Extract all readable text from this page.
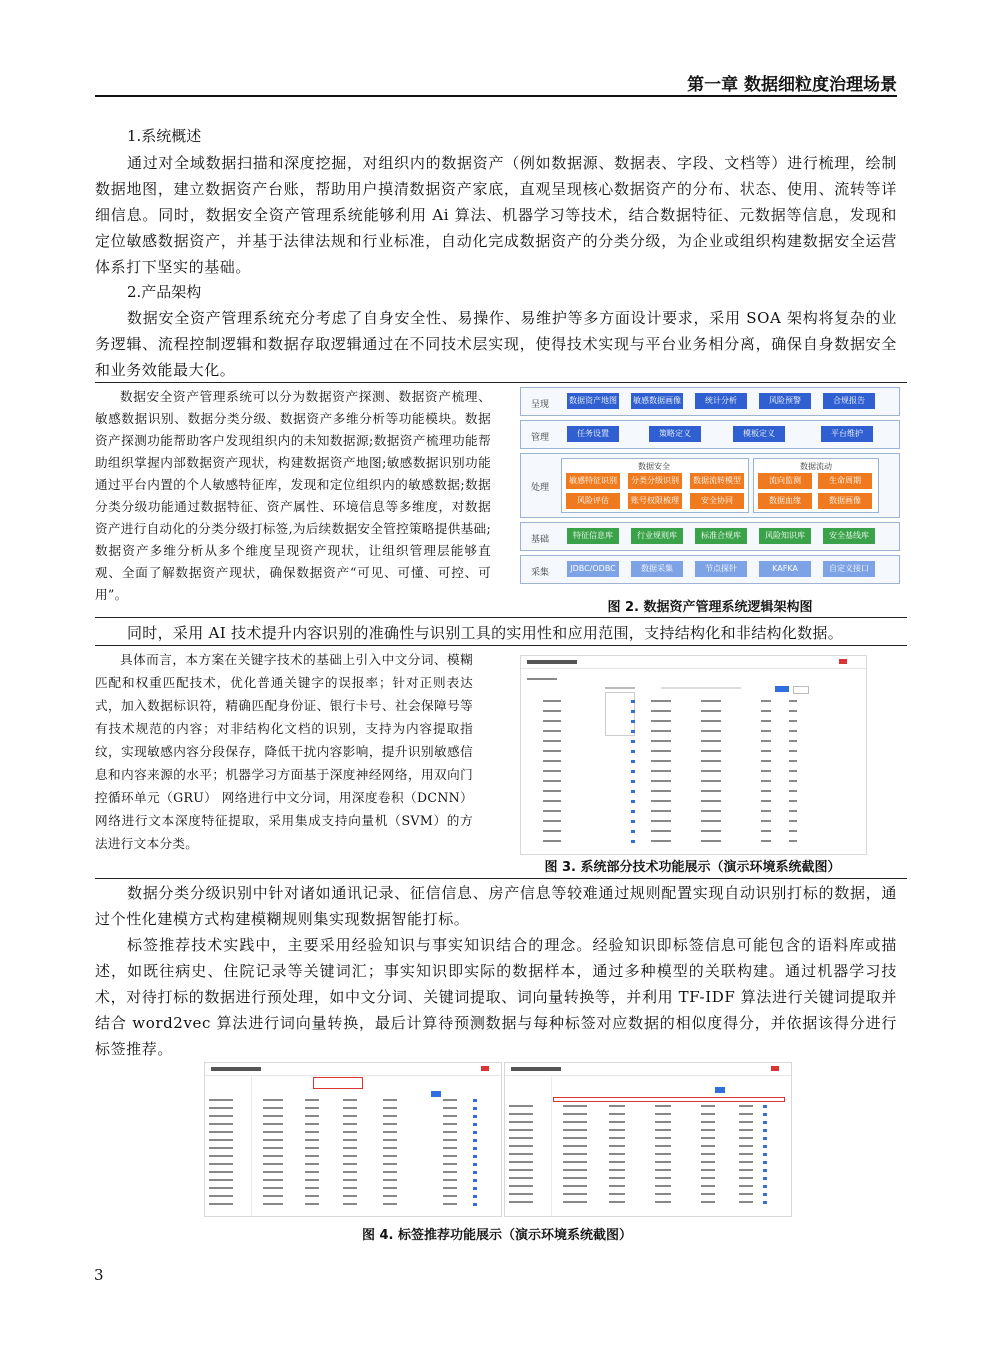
第一章 数据细粒度治理场景
1.系统概述

通过对全域数据扫描和深度挖掘，对组织内的数据资产（例如数据源、数据表、字段、文档等）进行梳理，绘制数据地图，建立数据资产台账，帮助用户摸清数据资产家底，直观呈现核心数据资产的分布、状态、使用、流转等详细信息。同时，数据安全资产管理系统能够利用 Ai 算法、机器学习等技术，结合数据特征、元数据等信息，发现和定位敏感数据资产，并基于法律法规和行业标准，自动化完成数据资产的分类分级，为企业或组织构建数据安全运营体系打下坚实的基础。

2.产品架构

数据安全资产管理系统充分考虑了自身安全性、易操作、易维护等多方面设计要求，采用 SOA 架构将复杂的业务逻辑、流程控制逻辑和数据存取逻辑通过在不同技术层实现，使得技术实现与平台业务相分离，确保自身数据安全和业务效能最大化。

数据安全资产管理系统可以分为数据资产探测、数据资产梳理、敏感数据识别、数据分类分级、数据资产多维分析等功能模块。数据资产探测功能帮助客户发现组织内的未知数据源;数据资产梳理功能帮助组织掌握内部数据资产现状，构建数据资产地图;敏感数据识别功能通过平台内置的个人敏感特征库，发现和定位组织内的敏感数据;数据分类分级功能通过数据特征、资产属性、环境信息等多维度，对数据资产进行自动化的分类分级打标签,为后续数据安全管控策略提供基础;数据资产多维分析从多个维度呈现资产现状，让组织管理层能够直观、全面了解数据资产现状，确保数据资产“可见、可懂、可控、可用”。

呈现 数据资产地图 敏感数据画像	统计分析	风险预警	合规报告
管理	任务设置	策略定义	模板定义	平台维护
处理
数据安全
敏感特征识别	分类分级识别	数据流转模型
风险评估	账号权限梳理	安全协同
数据流动
流向监测	生命周期
数据血缘	数据画像
基础	特征信息库	行业规则库	标准合规库	风险知识库	安全基线库
采集	JDBC/ODBC	数据采集	节点探针	KAFKA	自定义接口
图 2. 数据资产管理系统逻辑架构图

同时，采用 AI 技术提升内容识别的准确性与识别工具的实用性和应用范围，支持结构化和非结构化数据。

具体而言，本方案在关键字技术的基础上引入中文分词、模糊匹配和权重匹配技术，优化普通关键字的误报率；针对正则表达式，加入数据标识符，精确匹配身份证、银行卡号、社会保障号等有技术规范的内容；对非结构化文档的识别，支持为内容提取指纹，实现敏感内容分段保存，降低干扰内容影响，提升识别敏感信息和内容来源的水平；机器学习方面基于深度神经网络，用双向门控循环单元（GRU） 网络进行中文分词，用深度卷积（DCNN）网络进行文本深度特征提取，采用集成支持向量机（SVM）的方法进行文本分类。

图 3. 系统部分技术功能展示（演示环境系统截图）

数据分类分级识别中针对诸如通讯记录、征信信息、房产信息等较难通过规则配置实现自动识别打标的数据，通过个性化建模方式构建模糊规则集实现数据智能打标。

标签推荐技术实践中，主要采用经验知识与事实知识结合的理念。经验知识即标签信息可能包含的语料库或描述，如既往病史、住院记录等关键词汇；事实知识即实际的数据样本，通过多种模型的关联构建。通过机器学习技术，对待打标的数据进行预处理，如中文分词、关键词提取、词向量转换等，并利用 TF-IDF 算法进行关键词提取并结合 word2vec 算法进行词向量转换，最后计算待预测数据与每种标签对应数据的相似度得分，并依据该得分进行标签推荐。

图 4. 标签推荐功能展示（演示环境系统截图）
3
